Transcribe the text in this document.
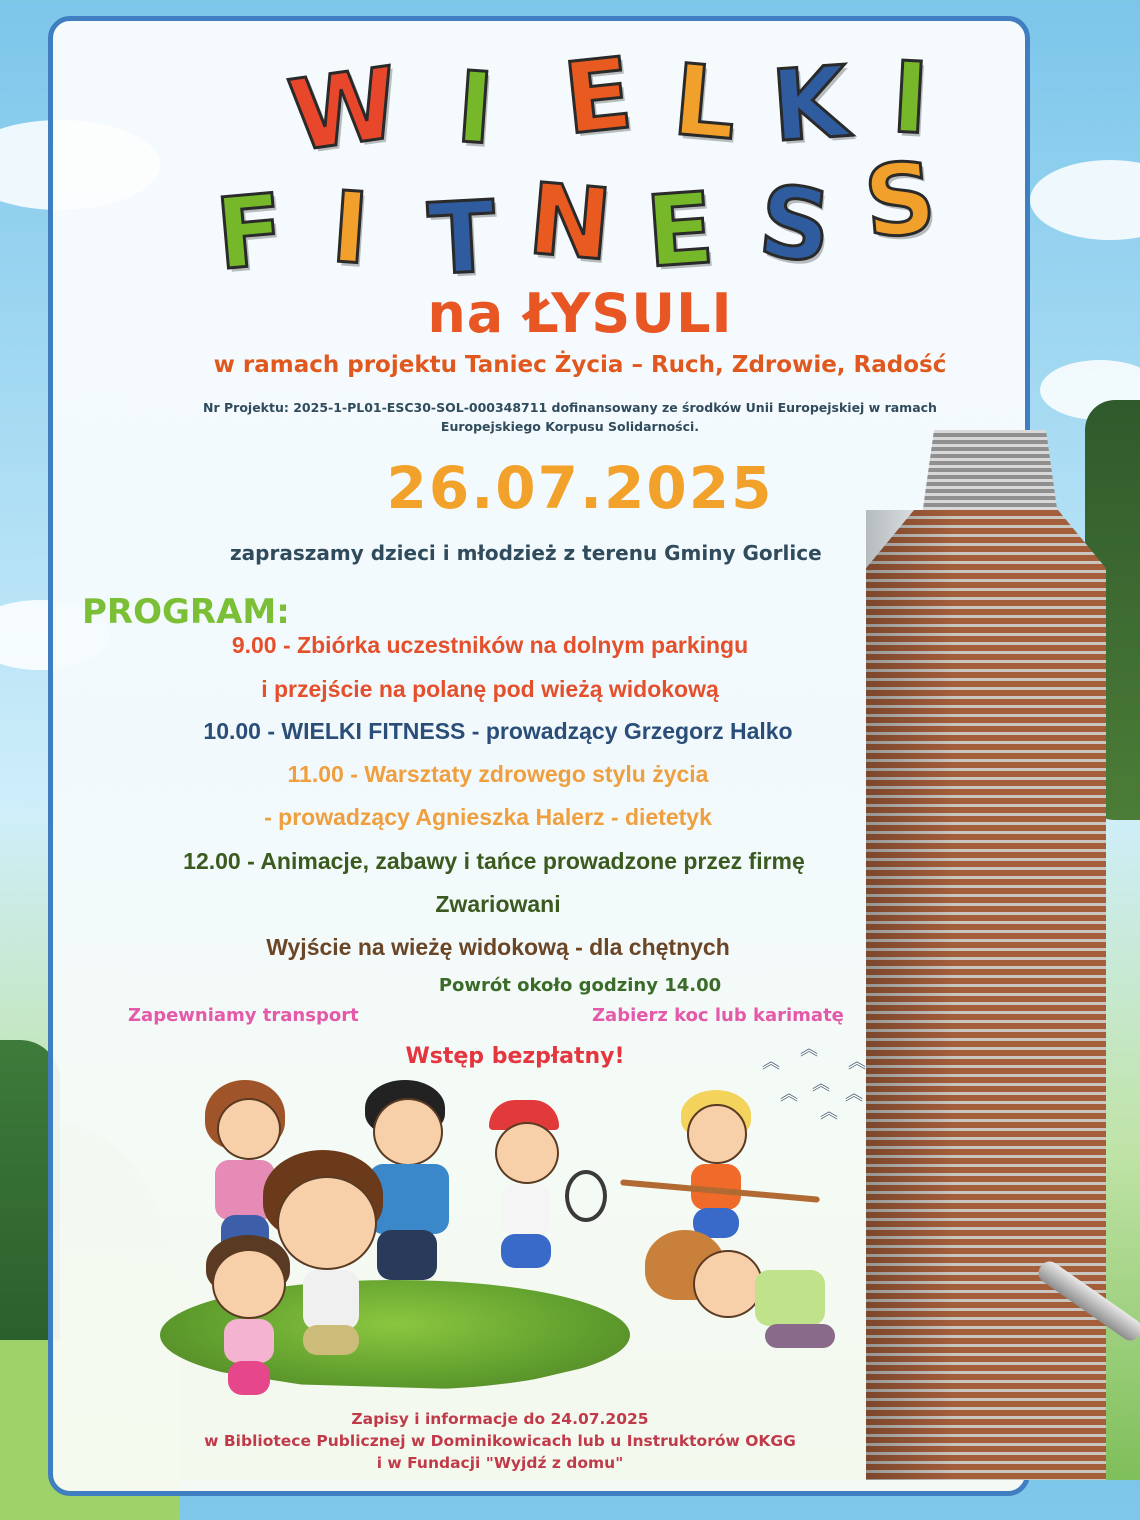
W I E L K I
F I T N E S S
na ŁYSULI
w ramach projektu Taniec Życia – Ruch, Zdrowie, Radość
Nr Projektu: 2025-1-PL01-ESC30-SOL-000348711 dofinansowany ze środków Unii Europejskiej w ramach
Europejskiego Korpusu Solidarności.
26.07.2025
zapraszamy dzieci i młodzież z terenu Gminy Gorlice
PROGRAM:
9.00 - Zbiórka uczestników na dolnym parkingu
i przejście na polanę pod wieżą widokową
10.00 - WIELKI FITNESS - prowadzący Grzegorz Halko
11.00 - Warsztaty zdrowego stylu życia
- prowadzący Agnieszka Halerz - dietetyk
12.00 - Animacje, zabawy i tańce prowadzone przez firmę
Zwariowani
Wyjście na wieżę widokową - dla chętnych
Powrót około godziny 14.00
Zapewniamy transport	Zabierz koc lub karimatę
Wstęp bezpłatny!	︽
︽
︽
︽
︽	︽
︽
Zapisy i informacje do 24.07.2025
w Bibliotece Publicznej w Dominikowicach lub u Instruktorów OKGG
i w Fundacji "Wyjdź z domu"
